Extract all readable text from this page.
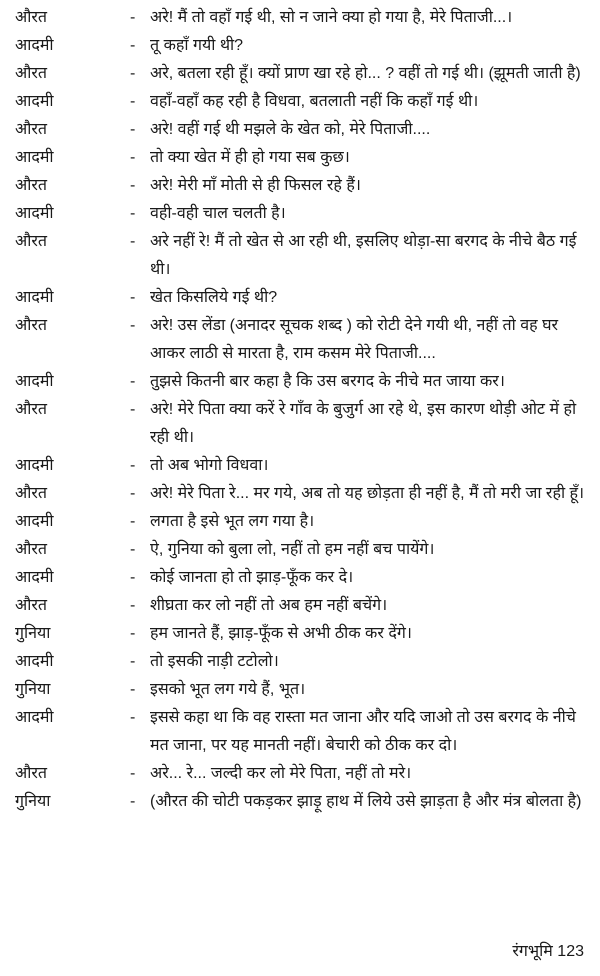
औरत	- अरे! मैं तो वहाँ गई थी, सो न जाने क्या हो गया है, मेरे पिताजी...।
आदमी	- तू कहाँ गयी थी?
औरत	- अरे, बतला रही हूँ। क्यों प्राण खा रहे हो... ? वहीं तो गई थी। (झूमती जाती है)
आदमी	- वहाँ-वहाँ कह रही है विधवा, बतलाती नहीं कि कहाँ गई थी।
औरत	- अरे! वहीं गई थी मझले के खेत को, मेरे पिताजी....
आदमी	- तो क्या खेत में ही हो गया सब कुछ।
औरत	- अरे! मेरी माँ मोती से ही फिसल रहे हैं।
आदमी	- वही-वही चाल चलती है।
औरत	- अरे नहीं रे! मैं तो खेत से आ रही थी, इसलिए थोड़ा-सा बरगद के नीचे बैठ गई थी।
आदमी	- खेत किसलिये गई थी?
औरत	- अरे! उस लेंडा (अनादर सूचक शब्द ) को रोटी देने गयी थी, नहीं तो वह घर आकर लाठी से मारता है, राम कसम मेरे पिताजी....
आदमी	- तुझसे कितनी बार कहा है कि उस बरगद के नीचे मत जाया कर।
औरत	- अरे! मेरे पिता क्या करें रे गाँव के बुजुर्ग आ रहे थे, इस कारण थोड़ी ओट में हो रही थी।
आदमी	- तो अब भोगो विधवा।
औरत	- अरे! मेरे पिता रे... मर गये, अब तो यह छोड़ता ही नहीं है, मैं तो मरी जा रही हूँ।
आदमी	- लगता है इसे भूत लग गया है।
औरत	- ऐ, गुनिया को बुला लो, नहीं तो हम नहीं बच पायेंगे।
आदमी	- कोई जानता हो तो झाड़-फूँक कर दे।
औरत	- शीघ्रता कर लो नहीं तो अब हम नहीं बचेंगे।
गुनिया	- हम जानते हैं, झाड़-फूँक से अभी ठीक कर देंगे।
आदमी	- तो इसकी नाड़ी टटोलो।
गुनिया	- इसको भूत लग गये हैं, भूत।
आदमी	- इससे कहा था कि वह रास्ता मत जाना और यदि जाओ तो उस बरगद के नीचे मत जाना, पर यह मानती नहीं। बेचारी को ठीक कर दो।
औरत	- अरे... रे... जल्दी कर लो मेरे पिता, नहीं तो मरे।
गुनिया	- (औरत की चोटी पकड़कर झाड़ू हाथ में लिये उसे झाड़ता है और मंत्र बोलता है)
रंगभूमि 123
